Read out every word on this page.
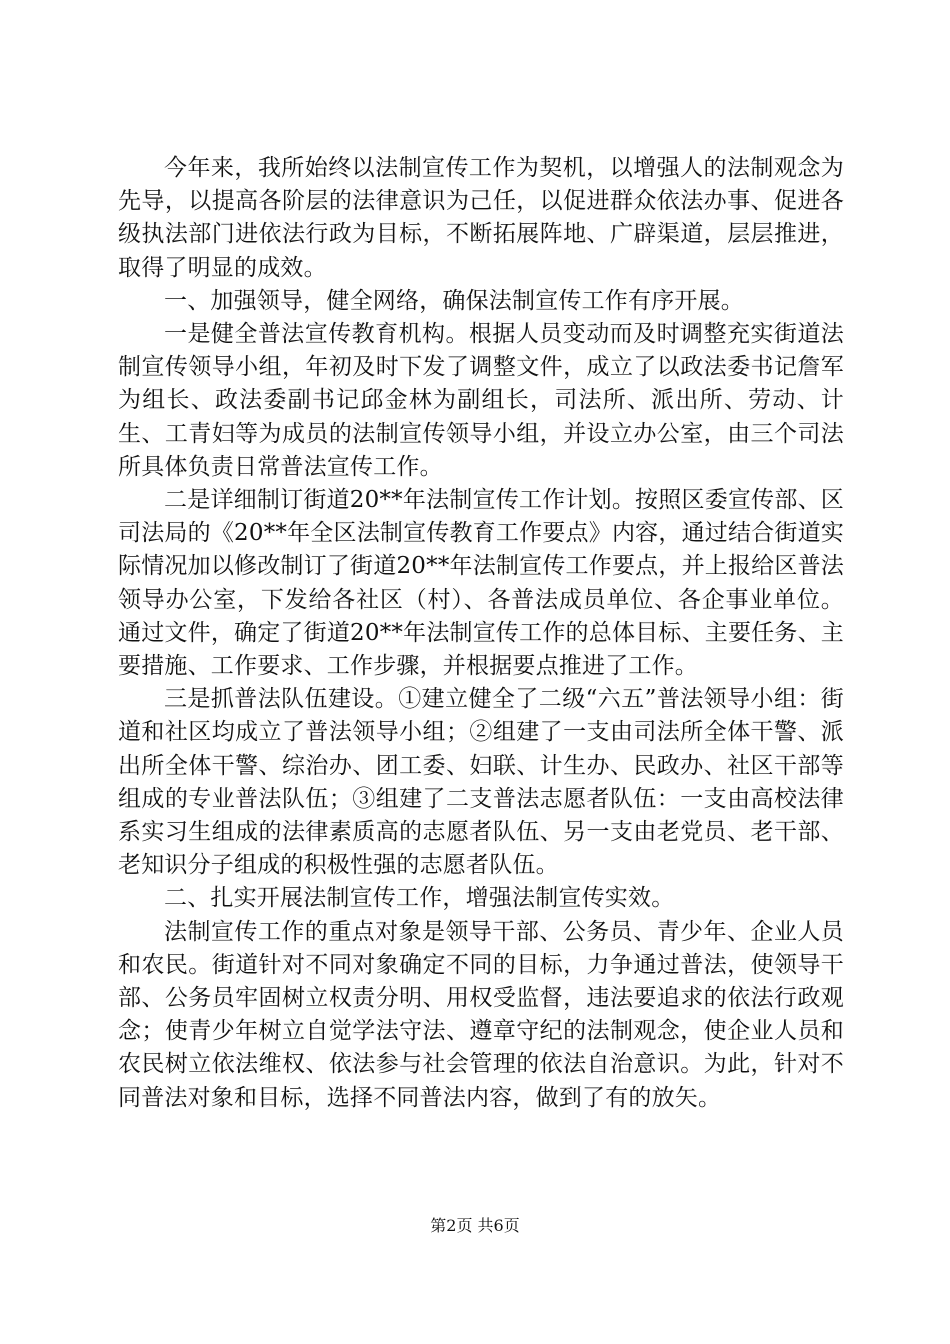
今年来，我所始终以法制宣传工作为契机，以增强人的法制观念为先导，以提高各阶层的法律意识为己任，以促进群众依法办事、促进各级执法部门进依法行政为目标，不断拓展阵地、广辟渠道，层层推进，取得了明显的成效。

一、加强领导，健全网络，确保法制宣传工作有序开展。

一是健全普法宣传教育机构。根据人员变动而及时调整充实街道法制宣传领导小组，年初及时下发了调整文件，成立了以政法委书记詹军为组长、政法委副书记邱金林为副组长，司法所、派出所、劳动、计生、工青妇等为成员的法制宣传领导小组，并设立办公室，由三个司法所具体负责日常普法宣传工作。

二是详细制订街道20**年法制宣传工作计划。按照区委宣传部、区司法局的《20**年全区法制宣传教育工作要点》内容，通过结合街道实际情况加以修改制订了街道20**年法制宣传工作要点，并上报给区普法领导办公室，下发给各社区（村）、各普法成员单位、各企事业单位。通过文件，确定了街道20**年法制宣传工作的总体目标、主要任务、主要措施、工作要求、工作步骤，并根据要点推进了工作。

三是抓普法队伍建设。①建立健全了二级“六五”普法领导小组：街道和社区均成立了普法领导小组；②组建了一支由司法所全体干警、派出所全体干警、综治办、团工委、妇联、计生办、民政办、社区干部等组成的专业普法队伍；③组建了二支普法志愿者队伍：一支由高校法律系实习生组成的法律素质高的志愿者队伍、另一支由老党员、老干部、老知识分子组成的积极性强的志愿者队伍。

二、扎实开展法制宣传工作，增强法制宣传实效。

法制宣传工作的重点对象是领导干部、公务员、青少年、企业人员和农民。街道针对不同对象确定不同的目标，力争通过普法，使领导干部、公务员牢固树立权责分明、用权受监督，违法要追求的依法行政观念；使青少年树立自觉学法守法、遵章守纪的法制观念，使企业人员和农民树立依法维权、依法参与社会管理的依法自治意识。为此，针对不同普法对象和目标，选择不同普法内容，做到了有的放矢。

第2页 共6页
